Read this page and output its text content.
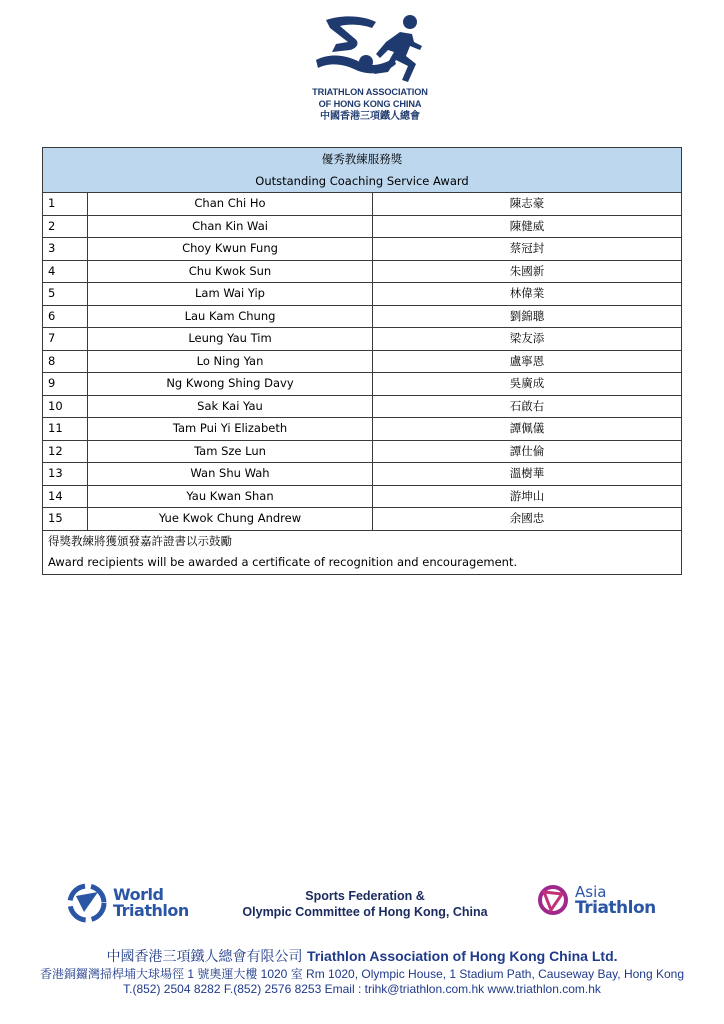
TRIATHLON ASSOCIATION
OF HONG KONG CHINA
中國香港三項鐵人總會
優秀教練服務獎		
Outstanding Coaching Service Award		
1	Chan Chi Ho	陳志豪
2	Chan Kin Wai	陳健威
3	Choy Kwun Fung	蔡冠封
4	Chu Kwok Sun	朱國新
5	Lam Wai Yip	林偉業
6	Lau Kam Chung	劉錦聰
7	Leung Yau Tim	梁友添
8	Lo Ning Yan	盧寧恩
9	Ng Kwong Shing Davy	吳廣成
10	Sak Kai Yau	石啟右
11	Tam Pui Yi Elizabeth	譚佩儀
12	Tam Sze Lun	譚仕倫
13	Wan Shu Wah	溫樹華
14	Yau Kwan Shan	游坤山
15	Yue Kwok Chung Andrew	余國忠
得獎教練將獲頒發嘉許證書以示鼓勵		
Award recipients will be awarded a certificate of recognition and encouragement.		
World
Triathlon
Sports Federation &
Olympic Committee of Hong Kong, China
Asia
Triathlon
中國香港三項鐵人總會有限公司 Triathlon Association of Hong Kong China Ltd.
香港銅鑼灣掃桿埔大球場徑 1 號奧運大樓 1020 室 Rm 1020, Olympic House, 1 Stadium Path, Causeway Bay, Hong Kong
T.(852) 2504 8282 F.(852) 2576 8253 Email : trihk@triathlon.com.hk www.triathlon.com.hk
